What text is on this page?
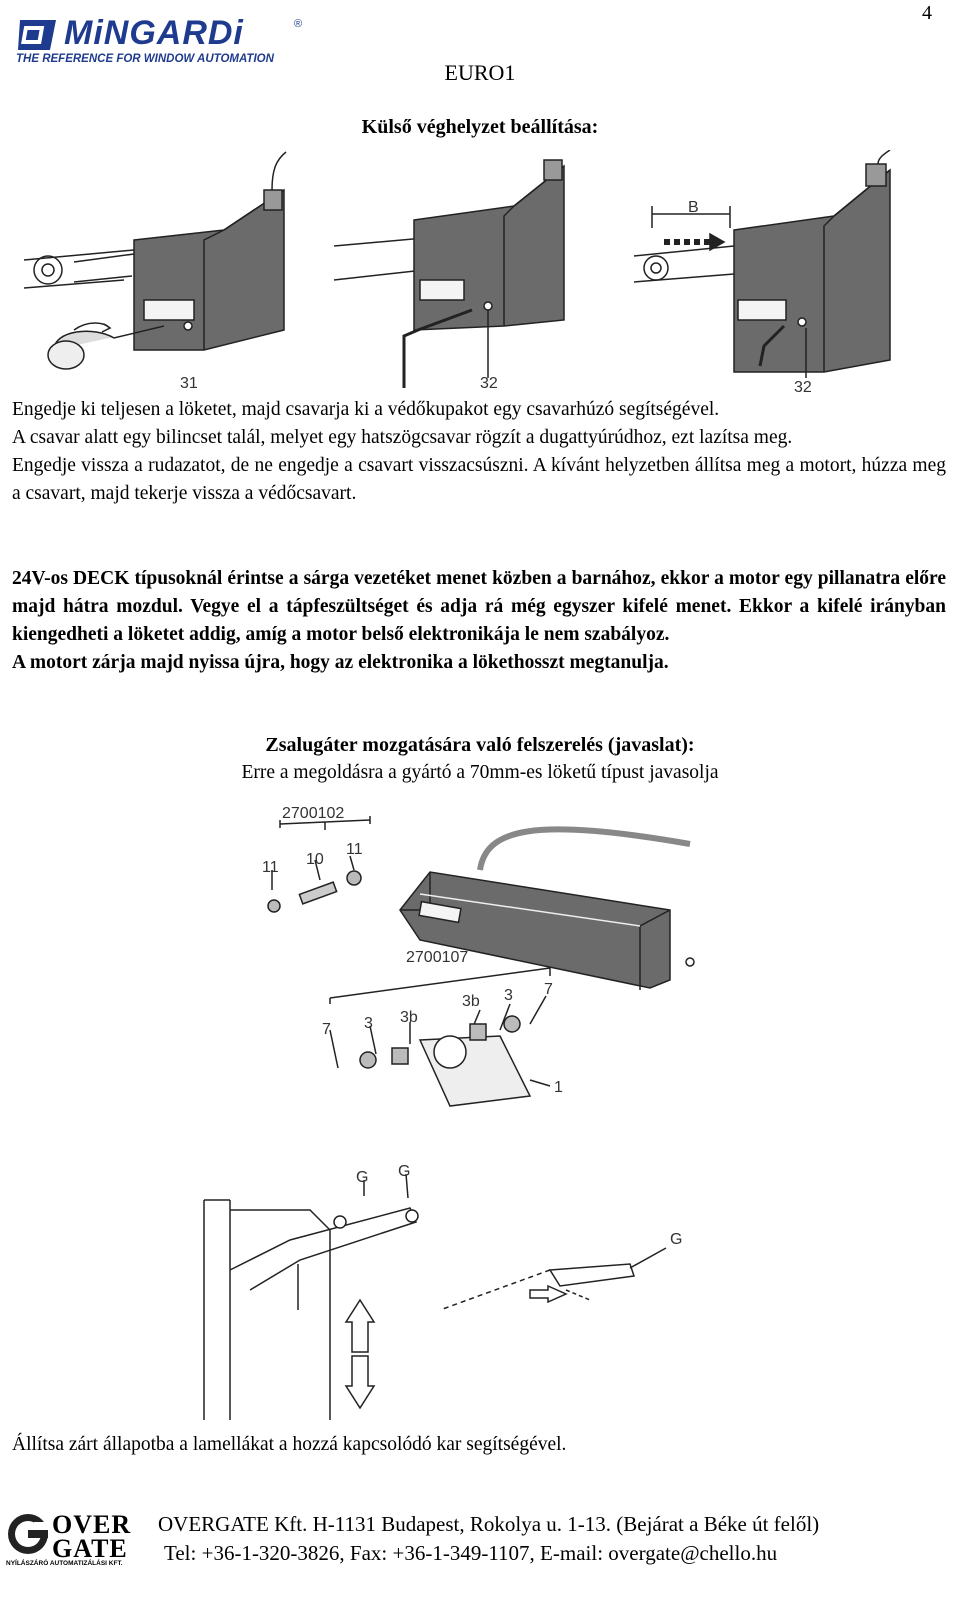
4
MiNGARDi	®
THE REFERENCE FOR WINDOW AUTOMATION
EURO1
Külső véghelyzet beállítása:
31	32
B
32
Engedje ki teljesen a löketet, majd csavarja ki a védőkupakot egy csavarhúzó segítségével.
A csavar alatt egy bilincset talál, melyet egy hatszögcsavar rögzít a dugattyúrúdhoz, ezt lazítsa meg.
Engedje vissza a rudazatot, de ne engedje a csavart visszacsúszni. A kívánt helyzetben állítsa meg a motort, húzza meg a csavart, majd tekerje vissza a védőcsavart.
24V-os DECK típusoknál érintse a sárga vezetéket menet közben a barnához, ekkor a motor egy pillanatra előre majd hátra mozdul. Vegye el a tápfeszültséget és adja rá még egyszer kifelé menet. Ekkor a kifelé irányban kiengedheti a löketet addig, amíg a motor belső elektronikája le nem szabályoz.
A motort zárja majd nyissa újra, hogy az elektronika a lökethosszt megtanulja.
Zsalugáter mozgatására való felszerelés (javaslat):
Erre a megoldásra a gyártó a 70mm-es löketű típust javasolja
2700102
11 10
11
2700107
7 3 3b
3b 3 7
1
G G
G
Állítsa zárt állapotba a lamellákat a hozzá kapcsolódó kar segítségével.
OVER
GATE
NYÍLÁSZÁRÓ AUTOMATIZÁLÁSI KFT.
OVERGATE Kft. H-1131 Budapest, Rokolya u. 1-13. (Bejárat a Béke út felől)
Tel: +36-1-320-3826, Fax: +36-1-349-1107, E-mail: overgate@chello.hu
